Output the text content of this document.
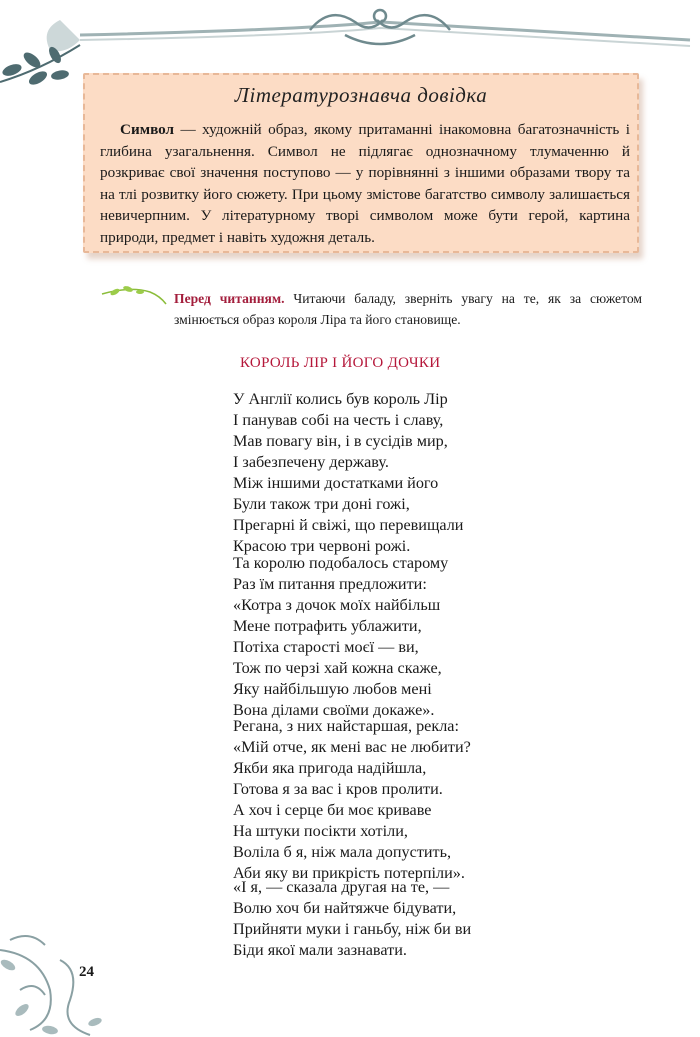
Літературознавча довідка

Символ — художній образ, якому притаманні інакомовна багатозначність і глибина узагальнення. Символ не підлягає однозначному тлумаченню й розкриває свої значення поступово — у порівнянні з іншими образами твору та на тлі розвитку його сюжету. При цьому змістове багатство символу залишається невичерпним. У літературному творі символом може бути герой, картина природи, предмет і навіть художня деталь.

Перед читанням. Читаючи баладу, зверніть увагу на те, як за сюжетом змінюється образ короля Ліра та його становище.
КОРОЛЬ ЛІР І ЙОГО ДОЧКИ
У Англії колись був король Лір
І панував собі на честь і славу,
Мав повагу він, і в сусідів мир,
І забезпечену державу.
Між іншими достатками його
Були також три доні гожі,
Прегарні й свіжі, що перевищали
Красою три червоні рожі.
Та королю подобалось старому
Раз їм питання предложити:
«Котра з дочок моїх найбільш
Мене потрафить ублажити,
Потіха старості моєї — ви,
Тож по черзі хай кожна скаже,
Яку найбільшую любов мені
Вона ділами своїми докаже».
Регана, з них найстаршая, рекла:
«Мій отче, як мені вас не любити?
Якби яка пригода надійшла,
Готова я за вас і кров пролити.
А хоч і серце би моє криваве
На штуки посікти хотіли,
Воліла б я, ніж мала допустить,
Аби яку ви прикрість потерпіли».
«І я, — сказала другая на те, —
Волю хоч би найтяжче бідувати,
Прийняти муки і ганьбу, ніж би ви
Біди якої мали зазнавати.
24
